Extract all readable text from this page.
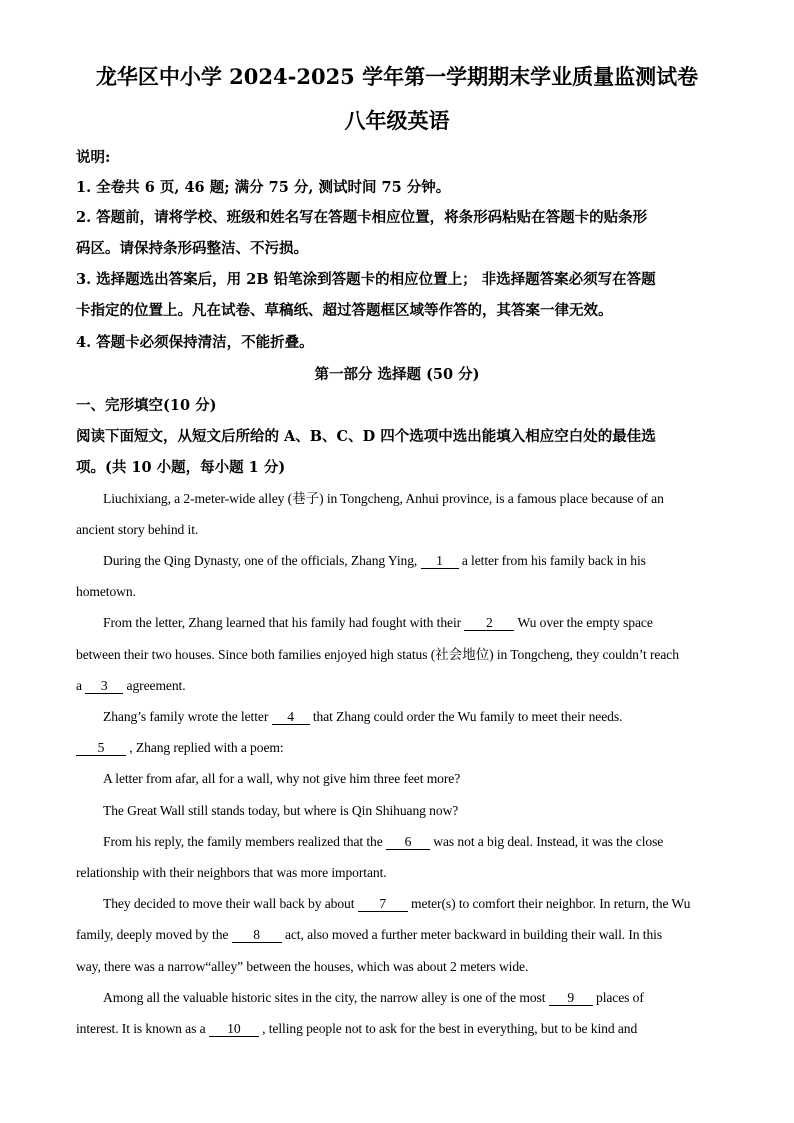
龙华区中小学 2024-2025 学年第一学期期末学业质量监测试卷
八年级英语
说明:
1. 全卷共 6 页, 46 题; 满分 75 分, 测试时间 75 分钟。
2. 答题前，请将学校、班级和姓名写在答题卡相应位置，将条形码粘贴在答题卡的贴条形
码区。请保持条形码整洁、不污损。
3. 选择题选出答案后，用 2B 铅笔涂到答题卡的相应位置上； 非选择题答案必须写在答题
卡指定的位置上。凡在试卷、草稿纸、超过答题框区域等作答的，其答案一律无效。
4. 答题卡必须保持清洁，不能折叠。
第一部分 选择题 (50 分)
一、完形填空(10 分)
阅读下面短文，从短文后所给的 A、B、C、D 四个选项中选出能填入相应空白处的最佳选
项。(共 10 小题，每小题 1 分)
Liuchixiang, a 2-meter-wide alley (巷子) in Tongcheng, Anhui province, is a famous place because of an
ancient story behind it.
During the Qing Dynasty, one of the officials, Zhang Ying, 1 a letter from his family back in his
hometown.
From the letter, Zhang learned that his family had fought with their 2 Wu over the empty space
between their two houses. Since both families enjoyed high status (社会地位) in Tongcheng, they couldn’t reach
a 3 agreement.
Zhang’s family wrote the letter 4 that Zhang could order the Wu family to meet their needs.
5 , Zhang replied with a poem:
A letter from afar, all for a wall, why not give him three feet more?
The Great Wall still stands today, but where is Qin Shihuang now?
From his reply, the family members realized that the 6 was not a big deal. Instead, it was the close
relationship with their neighbors that was more important.
They decided to move their wall back by about 7 meter(s) to comfort their neighbor. In return, the Wu
family, deeply moved by the 8 act, also moved a further meter backward in building their wall. In this
way, there was a narrow“alley” between the houses, which was about 2 meters wide.
Among all the valuable historic sites in the city, the narrow alley is one of the most 9 places of
interest. It is known as a 10 , telling people not to ask for the best in everything, but to be kind and
